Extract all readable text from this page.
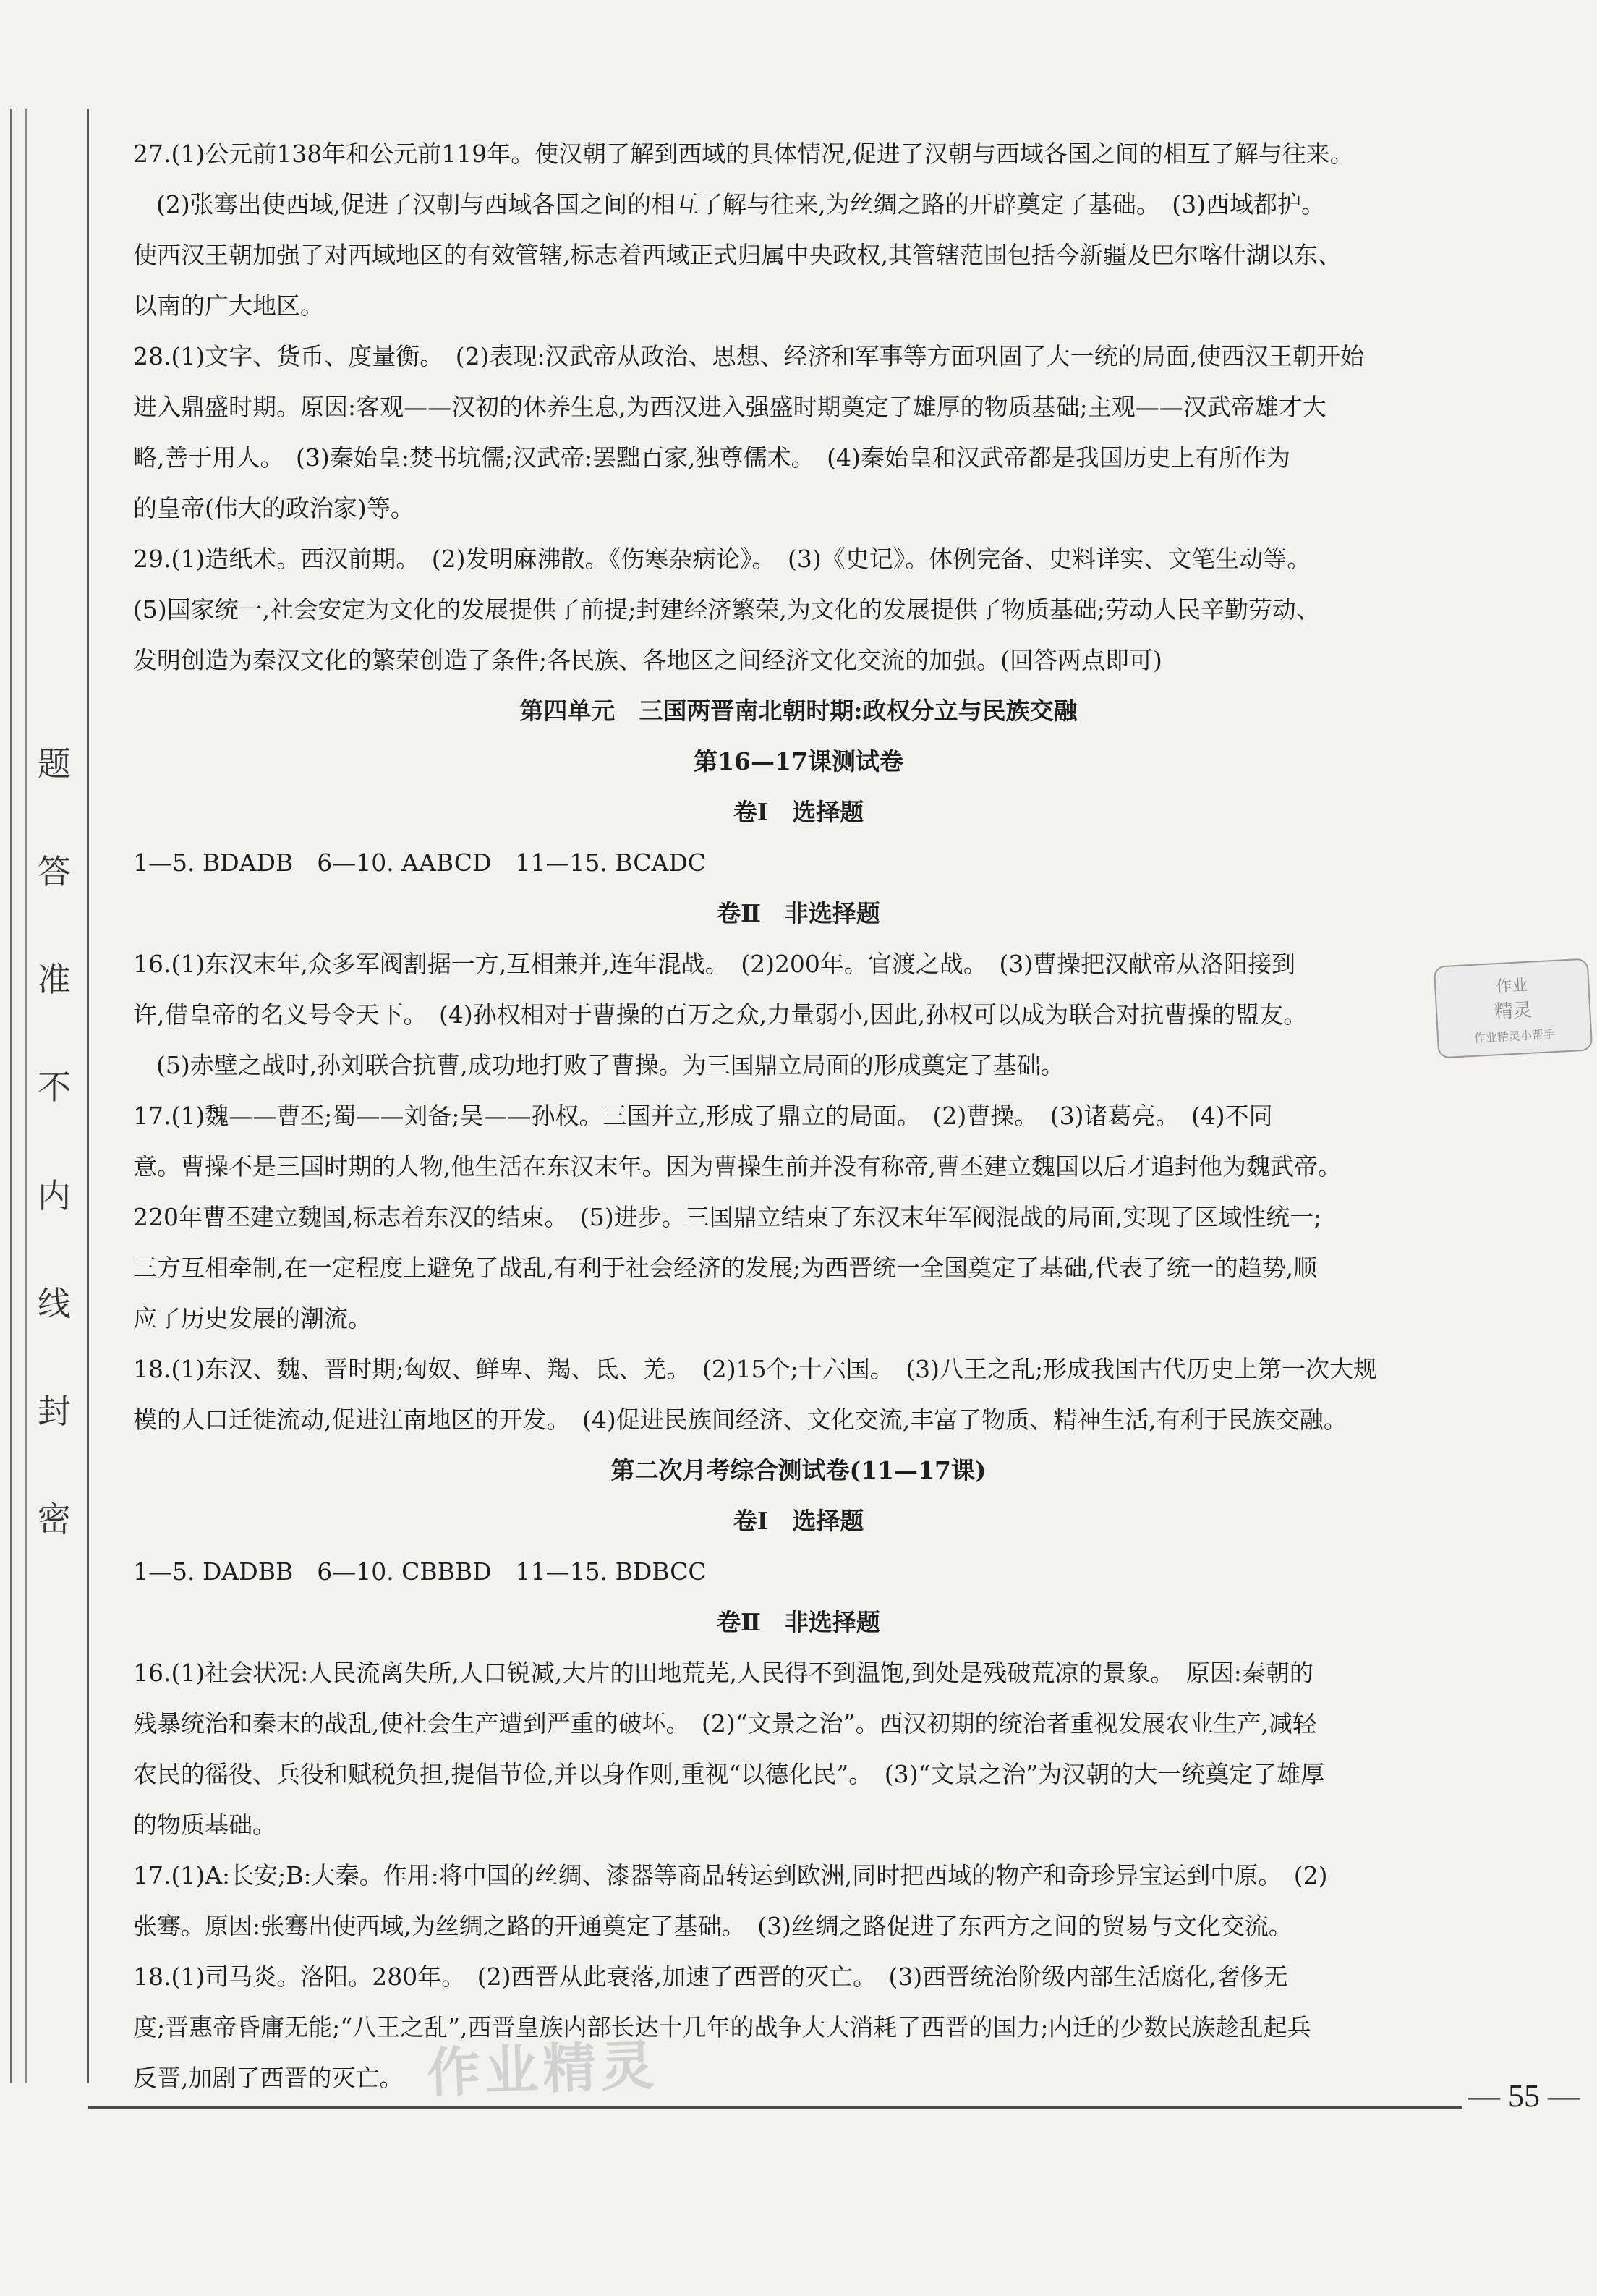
题
答
准
不
内
线
封
密
27.(1)公元前138年和公元前119年。使汉朝了解到西域的具体情况,促进了汉朝与西域各国之间的相互了解与往来。
(2)张骞出使西域,促进了汉朝与西域各国之间的相互了解与往来,为丝绸之路的开辟奠定了基础。　(3)西域都护。
使西汉王朝加强了对西域地区的有效管辖,标志着西域正式归属中央政权,其管辖范围包括今新疆及巴尔喀什湖以东、
以南的广大地区。
28.(1)文字、货币、度量衡。　(2)表现:汉武帝从政治、思想、经济和军事等方面巩固了大一统的局面,使西汉王朝开始
进入鼎盛时期。原因:客观——汉初的休养生息,为西汉进入强盛时期奠定了雄厚的物质基础;主观——汉武帝雄才大
略,善于用人。　(3)秦始皇:焚书坑儒;汉武帝:罢黜百家,独尊儒术。　(4)秦始皇和汉武帝都是我国历史上有所作为
的皇帝(伟大的政治家)等。
29.(1)造纸术。西汉前期。　(2)发明麻沸散。《伤寒杂病论》。　(3)《史记》。体例完备、史料详实、文笔生动等。
(5)国家统一,社会安定为文化的发展提供了前提;封建经济繁荣,为文化的发展提供了物质基础;劳动人民辛勤劳动、
发明创造为秦汉文化的繁荣创造了条件;各民族、各地区之间经济文化交流的加强。(回答两点即可)
第四单元　三国两晋南北朝时期:政权分立与民族交融
第16—17课测试卷
卷Ⅰ　选择题
1—5. BDADB　6—10. AABCD　11—15. BCADC
卷Ⅱ　非选择题
16.(1)东汉末年,众多军阀割据一方,互相兼并,连年混战。　(2)200年。官渡之战。　(3)曹操把汉献帝从洛阳接到
许,借皇帝的名义号令天下。　(4)孙权相对于曹操的百万之众,力量弱小,因此,孙权可以成为联合对抗曹操的盟友。
(5)赤壁之战时,孙刘联合抗曹,成功地打败了曹操。为三国鼎立局面的形成奠定了基础。
17.(1)魏——曹丕;蜀——刘备;吴——孙权。三国并立,形成了鼎立的局面。　(2)曹操。　(3)诸葛亮。　(4)不同
意。曹操不是三国时期的人物,他生活在东汉末年。因为曹操生前并没有称帝,曹丕建立魏国以后才追封他为魏武帝。
220年曹丕建立魏国,标志着东汉的结束。　(5)进步。三国鼎立结束了东汉末年军阀混战的局面,实现了区域性统一;
三方互相牵制,在一定程度上避免了战乱,有利于社会经济的发展;为西晋统一全国奠定了基础,代表了统一的趋势,顺
应了历史发展的潮流。
18.(1)东汉、魏、晋时期;匈奴、鲜卑、羯、氐、羌。　(2)15个;十六国。　(3)八王之乱;形成我国古代历史上第一次大规
模的人口迁徙流动,促进江南地区的开发。　(4)促进民族间经济、文化交流,丰富了物质、精神生活,有利于民族交融。
第二次月考综合测试卷(11—17课)
卷Ⅰ　选择题
1—5. DADBB　6—10. CBBBD　11—15. BDBCC
卷Ⅱ　非选择题
16.(1)社会状况:人民流离失所,人口锐减,大片的田地荒芜,人民得不到温饱,到处是残破荒凉的景象。　原因:秦朝的
残暴统治和秦末的战乱,使社会生产遭到严重的破坏。　(2)“文景之治”。西汉初期的统治者重视发展农业生产,减轻
农民的徭役、兵役和赋税负担,提倡节俭,并以身作则,重视“以德化民”。　(3)“文景之治”为汉朝的大一统奠定了雄厚
的物质基础。
17.(1)A:长安;B:大秦。作用:将中国的丝绸、漆器等商品转运到欧洲,同时把西域的物产和奇珍异宝运到中原。　(2)
张骞。原因:张骞出使西域,为丝绸之路的开通奠定了基础。　(3)丝绸之路促进了东西方之间的贸易与文化交流。
18.(1)司马炎。洛阳。280年。　(2)西晋从此衰落,加速了西晋的灭亡。　(3)西晋统治阶级内部生活腐化,奢侈无
度;晋惠帝昏庸无能;“八王之乱”,西晋皇族内部长达十几年的战争大大消耗了西晋的国力;内迁的少数民族趁乱起兵
反晋,加剧了西晋的灭亡。
作业
精灵
作业精灵小帮手
作业精灵	— 55 —
